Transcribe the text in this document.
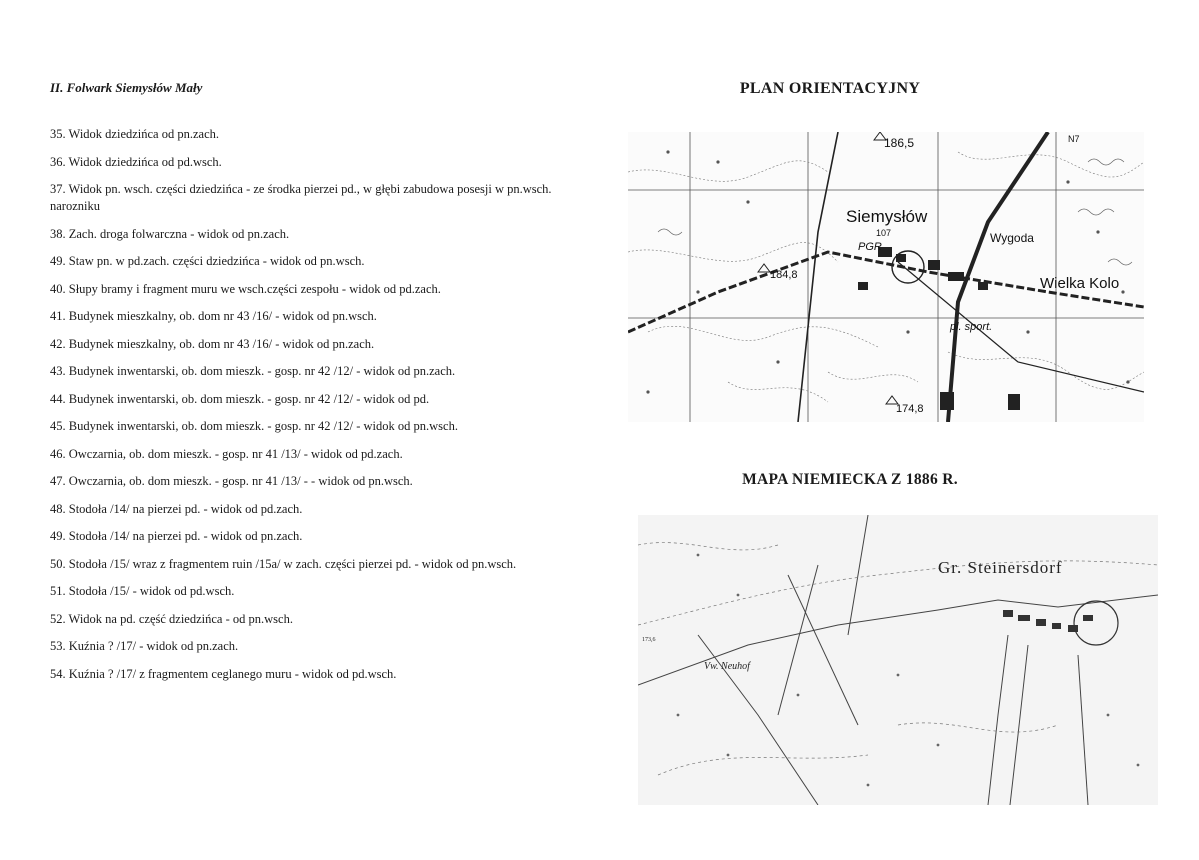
II. Folwark Siemysłów Mały

35. Widok dziedzińca od pn.zach.
36. Widok dziedzińca od pd.wsch.
37. Widok pn. wsch. części dziedzińca - ze środka pierzei pd., w głębi zabudowa posesji w pn.wsch. narozniku
38. Zach. droga folwarczna - widok od pn.zach.
49. Staw pn. w pd.zach. części dziedzińca - widok od pn.wsch.
40. Słupy bramy i fragment muru we wsch.części zespołu - widok od pd.zach.
41. Budynek mieszkalny, ob. dom nr 43 /16/ - widok od pn.wsch.
42. Budynek mieszkalny, ob. dom nr 43 /16/ - widok od pn.zach.
43. Budynek inwentarski, ob. dom mieszk. - gosp. nr 42 /12/ - widok od pn.zach.
44. Budynek inwentarski, ob. dom mieszk. - gosp. nr 42 /12/ - widok od pd.
45. Budynek inwentarski, ob. dom mieszk. - gosp. nr 42 /12/ - widok od pn.wsch.
46. Owczarnia, ob. dom mieszk. - gosp. nr 41 /13/ - widok od pd.zach.
47. Owczarnia, ob. dom mieszk. - gosp. nr 41 /13/ - - widok od pn.wsch.
48. Stodoła /14/ na pierzei pd. - widok od pd.zach.
49. Stodoła /14/ na pierzei pd. - widok od pn.zach.
50. Stodoła /15/ wraz z fragmentem ruin /15a/ w zach. części pierzei pd. - widok od pn.wsch.
51. Stodoła /15/ - widok od pd.wsch.
52. Widok na pd. część dziedzińca - od pn.wsch.
53. Kuźnia ? /17/ - widok od pn.zach.
54. Kuźnia ? /17/ z fragmentem ceglanego muru - widok od pd.wsch.

PLAN ORIENTACYJNY

Siemysłów
Wygoda
Wielka Kolo
PGR
186,5
184,8
174,8
pl. sport.
N7
107

MAPA NIEMIECKA Z 1886 R.

Gr. Steinersdorf
Vw. Neuhof
173,6
